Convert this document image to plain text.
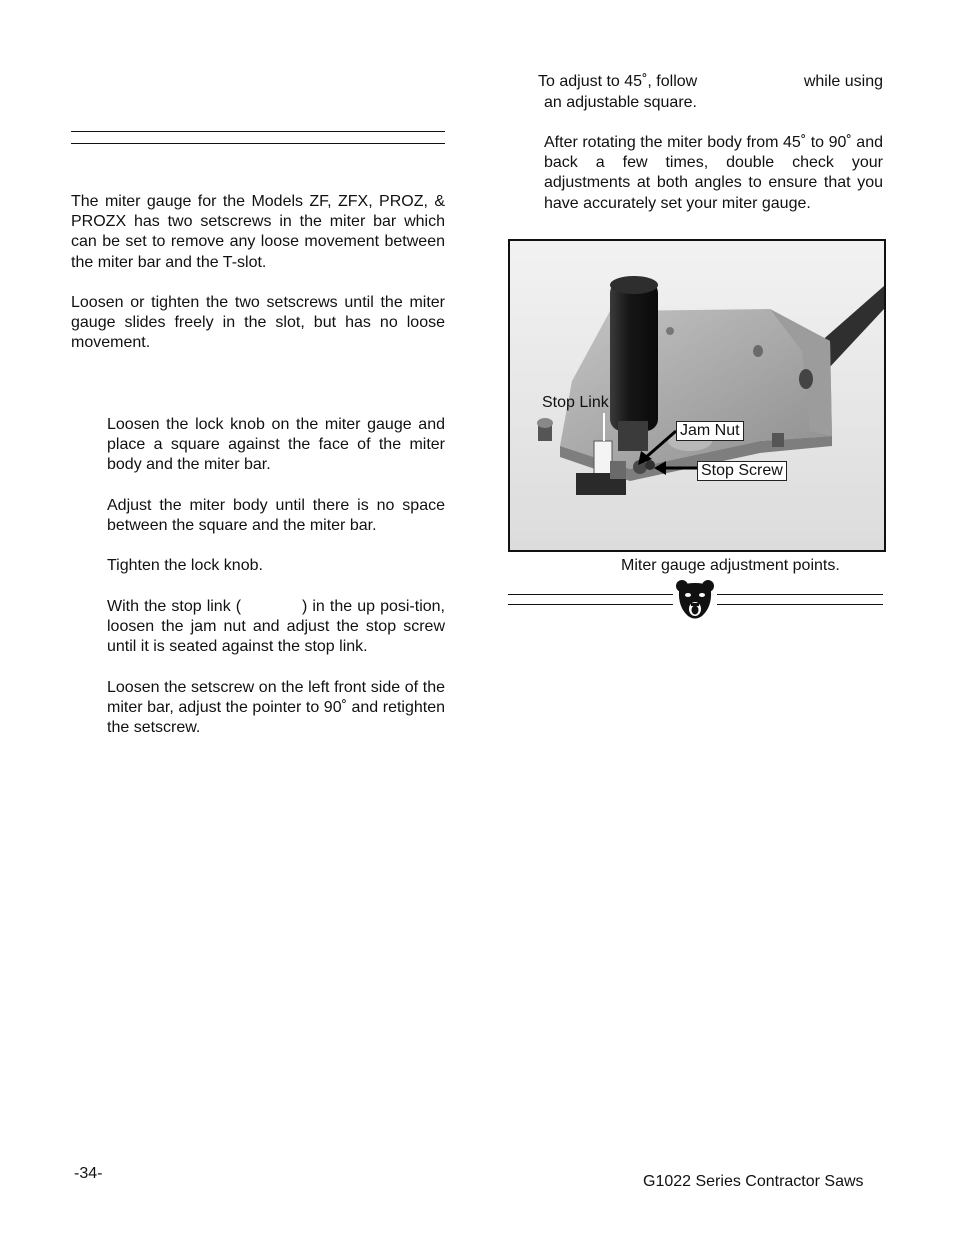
The miter gauge for the Models ZF, ZFX, PROZ, & PROZX has two setscrews in the miter bar which can be set to remove any loose movement between the miter bar and the T-slot.

Loosen or tighten the two setscrews until the miter gauge slides freely in the slot, but has no loose movement.

Loosen the lock knob on the miter gauge and place a square against the face of the miter body and the miter bar.

Adjust the miter body until there is no space between the square and the miter bar.

Tighten the lock knob.

With the stop link (            ) in the up posi-tion, loosen the jam nut and adjust the stop screw until it is seated against the stop link.

Loosen the setscrew on the left front side of the miter bar, adjust the pointer to 90˚ and retighten the setscrew.

To adjust to 45˚, follow	while using
an adjustable square.

After rotating the miter body from 45˚ to 90˚ and back a few times, double check your adjustments at both angles to ensure that you have accurately set your miter gauge.

Stop Link
Jam Nut
Stop Screw
Miter gauge adjustment points.
-34-	G1022 Series Contractor Saws
